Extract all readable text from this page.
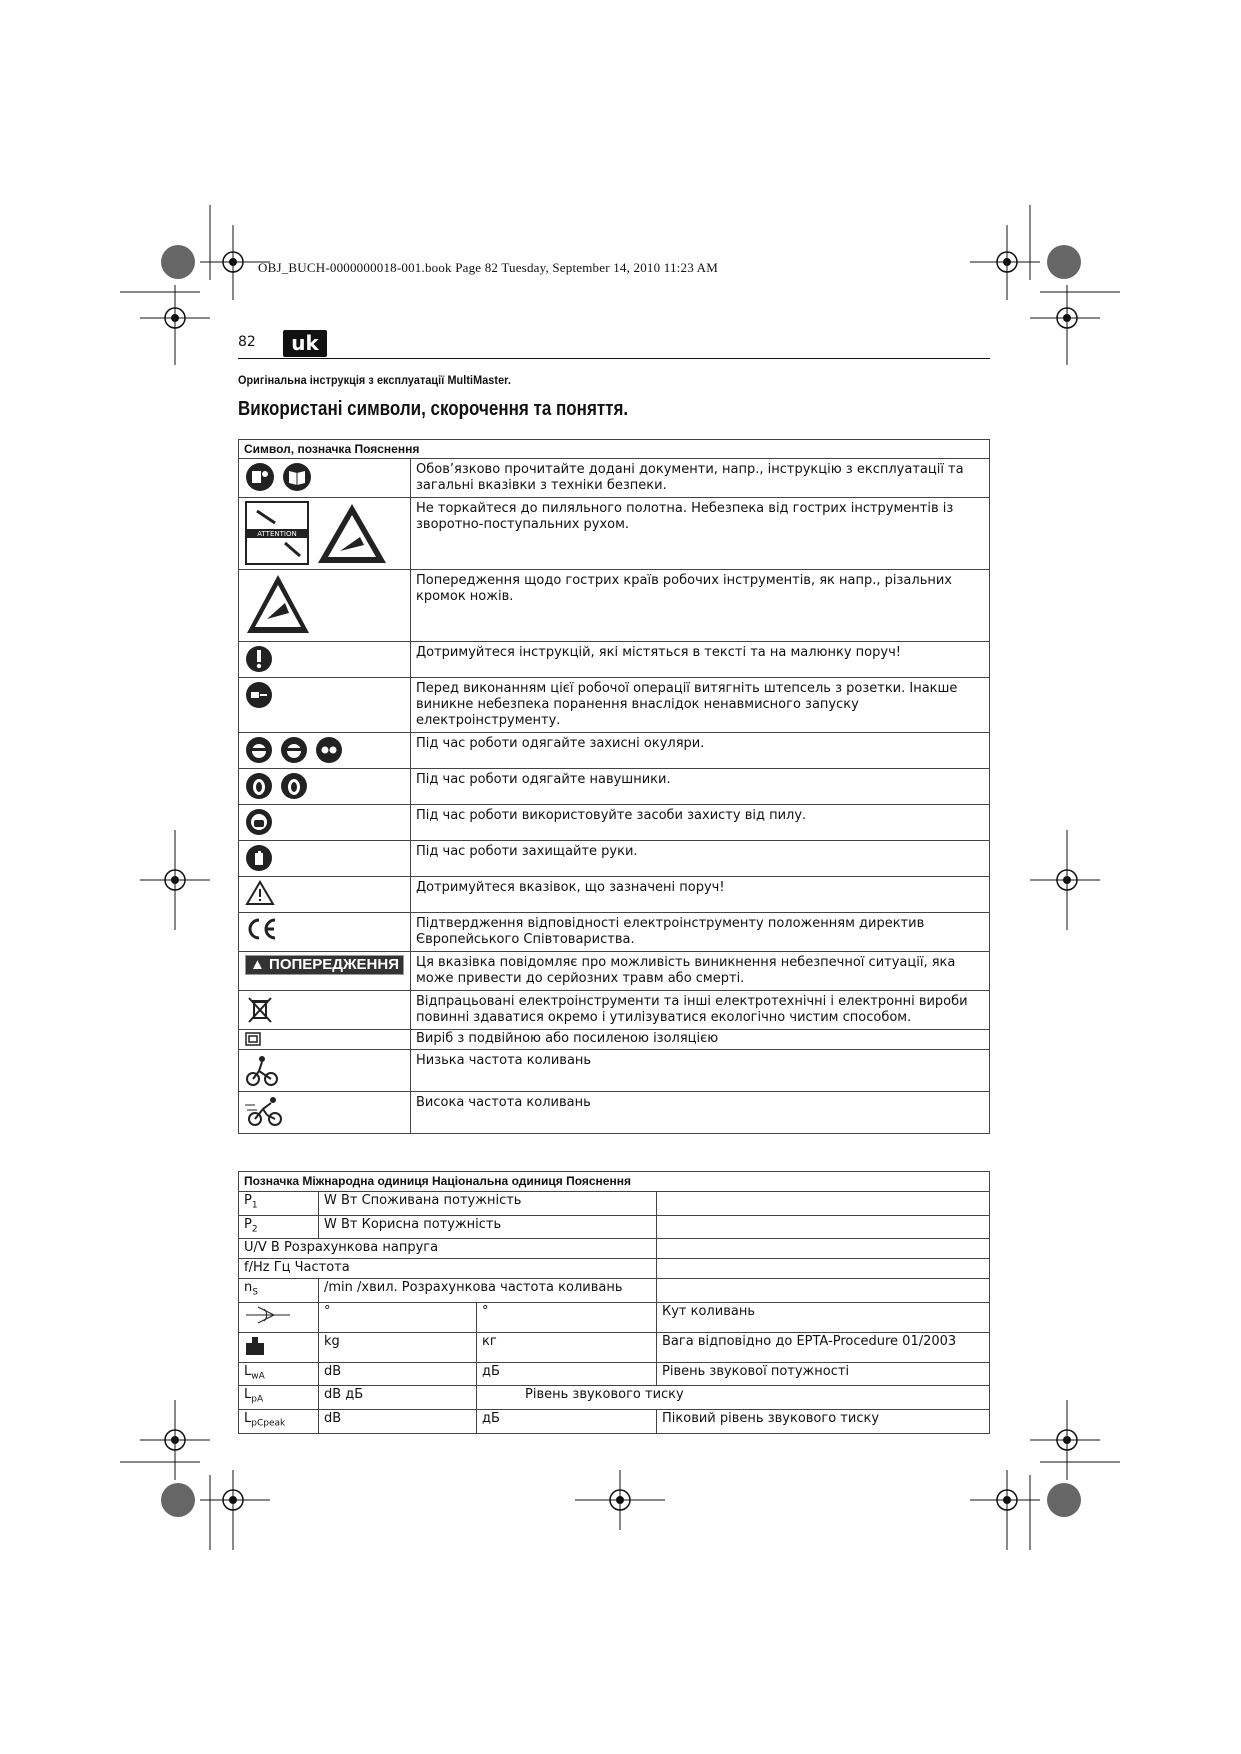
OBJ_BUCH-0000000018-001.book Page 82 Tuesday, September 14, 2010 11:23 AM
82	uk
Оригінальна інструкція з експлуатації MultiMaster.
Використані символи, скорочення та поняття.
Символ, позначка Пояснення	
	Обов’язково прочитайте додані документи, напр., інструкцію з експлуатації та загальні вказівки з техніки безпеки.

ATTENTION	Не торкайтеся до пиляльного полотна. Небезпека від гострих інструментів із зворотно-поступальних рухом.
	Попередження щодо гострих країв робочих інструментів, як напр., різальних кромок ножів.
	Дотримуйтеся інструкцій, які містяться в тексті та на малюнку поруч!
	Перед виконанням цієї робочої операції витягніть штепсель з розетки. Інакше виникне небезпека поранення внаслідок ненавмисного запуску електроінструменту.
	Під час роботи одягайте захисні окуляри.
	Під час роботи одягайте навушники.
	Під час роботи використовуйте засоби захисту від пилу.
	Під час роботи захищайте руки.
	Дотримуйтеся вказівок, що зазначені поруч!
	Підтвердження відповідності електроінструменту положенням директив Європейського Співтовариства.
▲ ПОПЕРЕДЖЕННЯ	Ця вказівка повідомляє про можливість виникнення небезпечної ситуації, яка може привести до серйозних травм або смерті.
	Відпрацьовані електроінструменти та інші електротехнічні і електронні вироби повинні здаватися окремо і утилізуватися екологічно чистим способом.
	Виріб з подвійною або посиленою ізоляцією
	Низька частота коливань
	Висока частота коливань
Позначка Міжнародна одиниця Національна одиниця Пояснення			
$P_1$	W Вт Споживана потужність		
$P_2$	W Вт Корисна потужність		
U/V В Розрахункова напруга			
f/Hz Гц Частота			
$n_S$	/min /хвил. Розрахункова частота коливань		
	°	°	Кут коливань
	kg	кг	Вага відповідно до EPTA-Procedure 01/2003
$L_{wA}$	dB	дБ	Рівень звукової потужності
$L_{pA}$	dB дБ	Рівень звукового тиску	
$L_{pCpeak}$	dB	дБ	Піковий рівень звукового тиску
